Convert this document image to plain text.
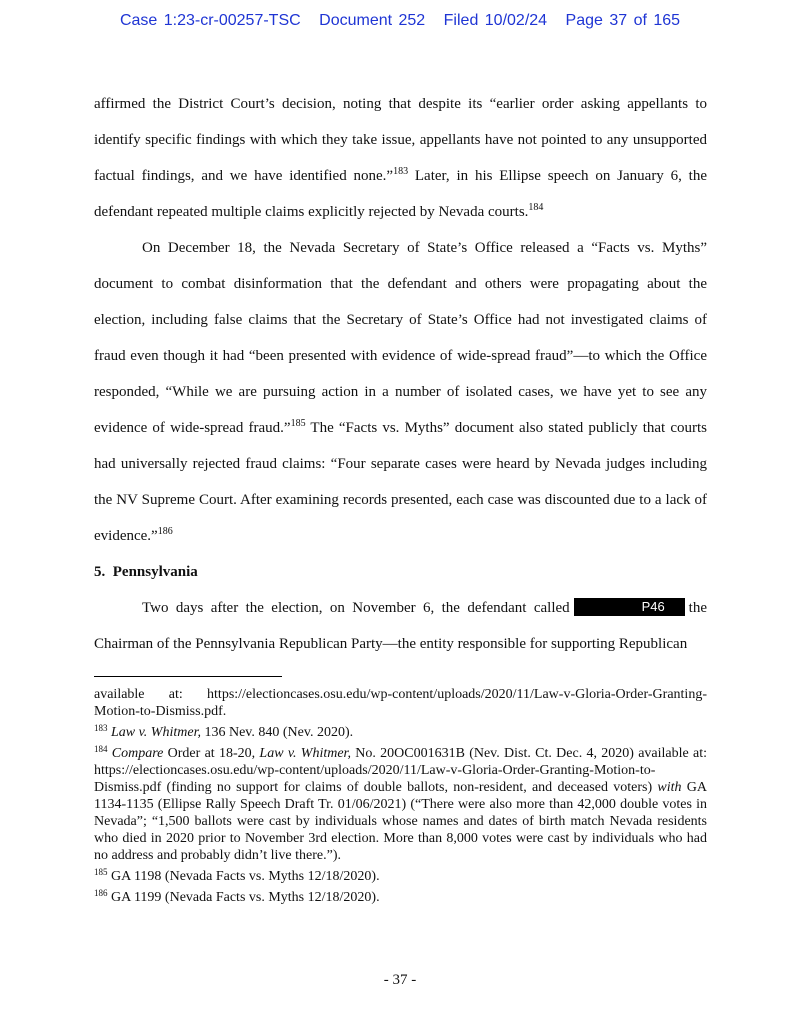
Case 1:23-cr-00257-TSC Document 252 Filed 10/02/24 Page 37 of 165

affirmed the District Court’s decision, noting that despite its “earlier order asking appellants to identify specific findings with which they take issue, appellants have not pointed to any unsupported factual findings, and we have identified none.”$^{183}$ Later, in his Ellipse speech on January 6, the defendant repeated multiple claims explicitly rejected by Nevada courts.$^{184}$

On December 18, the Nevada Secretary of State’s Office released a “Facts vs. Myths” document to combat disinformation that the defendant and others were propagating about the election, including false claims that the Secretary of State’s Office had not investigated claims of fraud even though it had “been presented with evidence of wide-spread fraud”—to which the Office responded, “While we are pursuing action in a number of isolated cases, we have yet to see any evidence of wide-spread fraud.”$^{185}$ The “Facts vs. Myths” document also stated publicly that courts had universally rejected fraud claims: “Four separate cases were heard by Nevada judges including the NV Supreme Court. After examining records presented, each case was discounted due to a lack of evidence.”$^{186}$

5.  Pennsylvania

Two days after the election, on November 6, the defendant called	P46 the Chairman of the Pennsylvania Republican Party—the entity responsible for supporting Republican

available at: https://electioncases.osu.edu/wp-content/uploads/2020/11/Law-v-Gloria-Order-Granting-Motion-to-Dismiss.pdf.

$^{183}$ Law v. Whitmer, 136 Nev. 840 (Nev. 2020).

$^{184}$ Compare Order at 18-20, Law v. Whitmer, No. 20OC001631B (Nev. Dist. Ct. Dec. 4, 2020) available at: https://electioncases.osu.edu/wp-content/uploads/2020/11/Law-v-Gloria-Order-Granting-Motion-to-Dismiss.pdf (finding no support for claims of double ballots, non-resident, and deceased voters) with GA 1134-1135 (Ellipse Rally Speech Draft Tr. 01/06/2021) (“There were also more than 42,000 double votes in Nevada”; “1,500 ballots were cast by individuals whose names and dates of birth match Nevada residents who died in 2020 prior to November 3rd election. More than 8,000 votes were cast by individuals who had no address and probably didn’t live there.”).

$^{185}$ GA 1198 (Nevada Facts vs. Myths 12/18/2020).

$^{186}$ GA 1199 (Nevada Facts vs. Myths 12/18/2020).

- 37 -
